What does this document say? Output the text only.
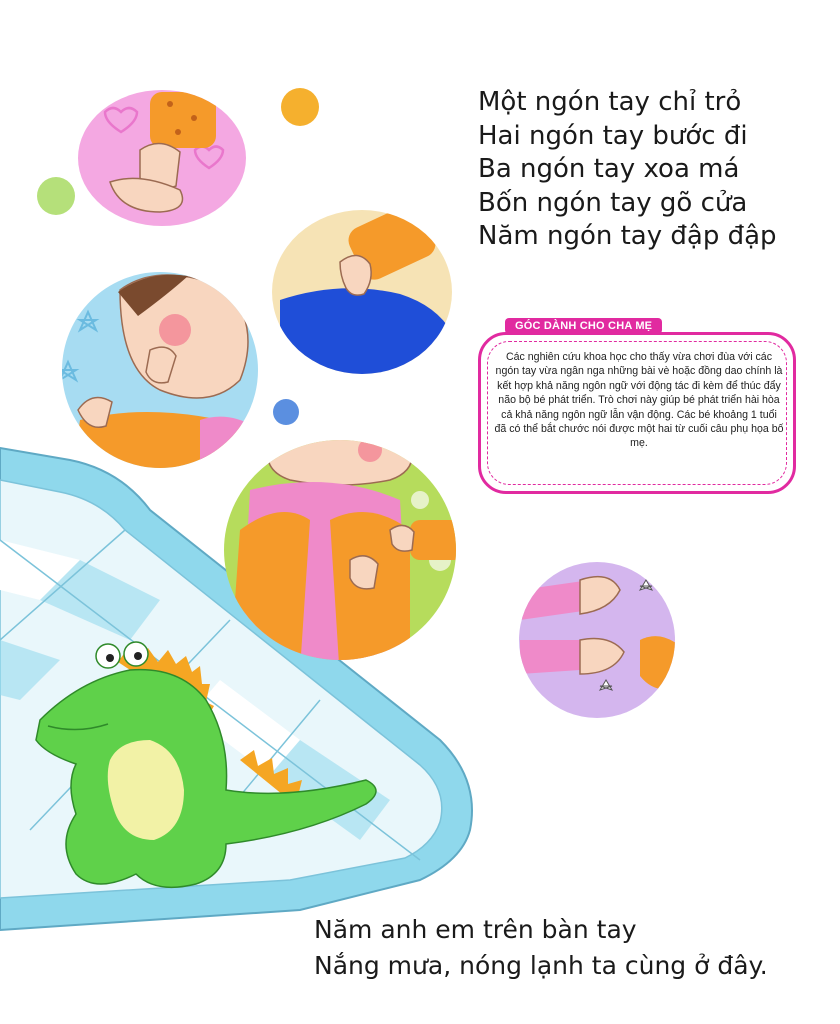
Một ngón tay chỉ trỏ
Hai ngón tay bước đi
Ba ngón tay xoa má
Bốn ngón tay gõ cửa
Năm ngón tay đập đập
GÓC DÀNH CHO CHA MẸ

Các nghiên cứu khoa học cho thấy vừa chơi đùa với các ngón tay vừa ngân nga những bài vè hoặc đồng dao chính là kết hợp khả năng ngôn ngữ với động tác đi kèm để thúc đẩy não bộ bé phát triển. Trò chơi này giúp bé phát triển hài hòa cả khả năng ngôn ngữ lẫn vận động. Các bé khoảng 1 tuổi đã có thể bắt chước nói được một hai từ cuối câu phụ họa bố mẹ.

Năm anh em trên bàn tay
Nắng mưa, nóng lạnh ta cùng ở đây.
